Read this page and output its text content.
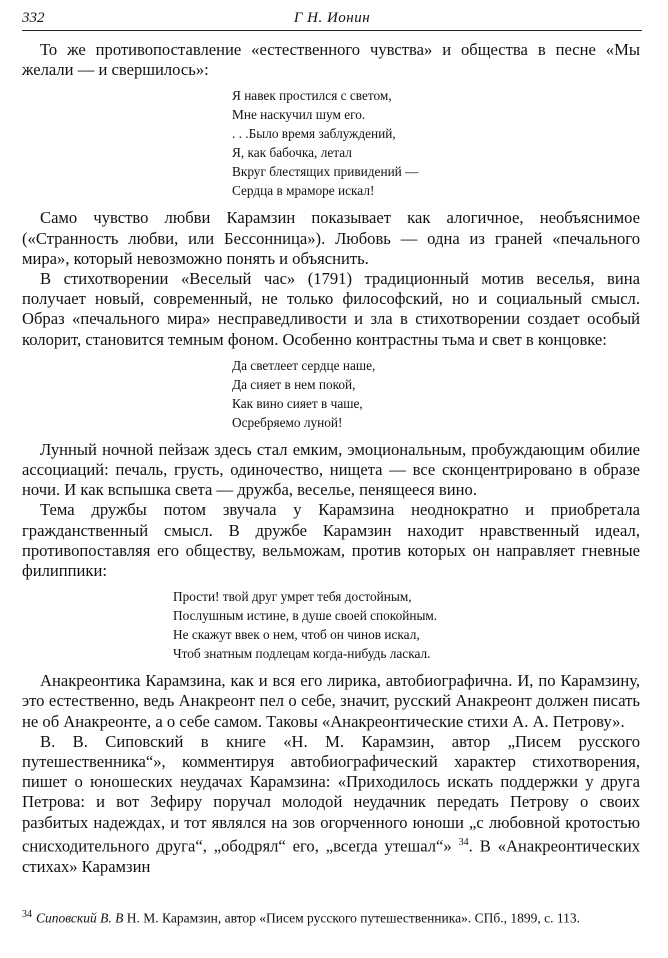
332	Г Н. Ионин

То же противопоставление «естественного чувства» и общества в песне «Мы желали — и свершилось»:

Я навек простился с светом,
Мне наскучил шум его.
. . .Было время заблуждений,
Я, как бабочка, летал
Вкруг блестящих привидений —
Сердца в мраморе искал!

Само чувство любви Карамзин показывает как алогичное, необъяснимое («Странность любви, или Бессонница»). Любовь — одна из граней «печального мира», который невозможно понять и объяснить.

В стихотворении «Веселый час» (1791) традиционный мотив веселья, вина получает новый, современный, не только философский, но и социальный смысл. Образ «печального мира» несправедливости и зла в стихотворении создает особый колорит, становится темным фоном. Особенно контрастны тьма и свет в концовке:

Да светлеет сердце наше,
Да сияет в нем покой,
Как вино сияет в чаше,
Осребряемо луной!

Лунный ночной пейзаж здесь стал емким, эмоциональным, пробуждающим обилие ассоциаций: печаль, грусть, одиночество, нищета — все сконцентрировано в образе ночи. И как вспышка света — дружба, веселье, пенящееся вино.

Тема дружбы потом звучала у Карамзина неоднократно и приобретала гражданственный смысл. В дружбе Карамзин находит нравственный идеал, противопоставляя его обществу, вельможам, против которых он направляет гневные филиппики:

Прости! твой друг умрет тебя достойным,
Послушным истине, в душе своей спокойным.
Не скажут ввек о нем, чтоб он чинов искал,
Чтоб знатным подлецам когда-нибудь ласкал.

Анакреонтика Карамзина, как и вся его лирика, автобиографична. И, по Карамзину, это естественно, ведь Анакреонт пел о себе, значит, русский Анакреонт должен писать не об Анакреонте, а о себе самом. Таковы «Анакреонтические стихи А. А. Петрову».

В. В. Сиповский в книге «Н. М. Карамзин, автор „Писем русского путешественника“», комментируя автобиографический характер стихотворения, пишет о юношеских неудачах Карамзина: «Приходилось искать поддержки у друга Петрова: и вот Зефиру поручал молодой неудачник передать Петрову о своих разбитых надеждах, и тот являлся на зов огорченного юноши „с любовной кротостью снисходительного друга“, „ободрял“ его, „всегда утешал“» $^{34}$. В «Анакреонтических стихах» Карамзин

$^{34}$ Сиповский В. В Н. М. Карамзин, автор «Писем русского путешественника». СПб., 1899, с. 113.
